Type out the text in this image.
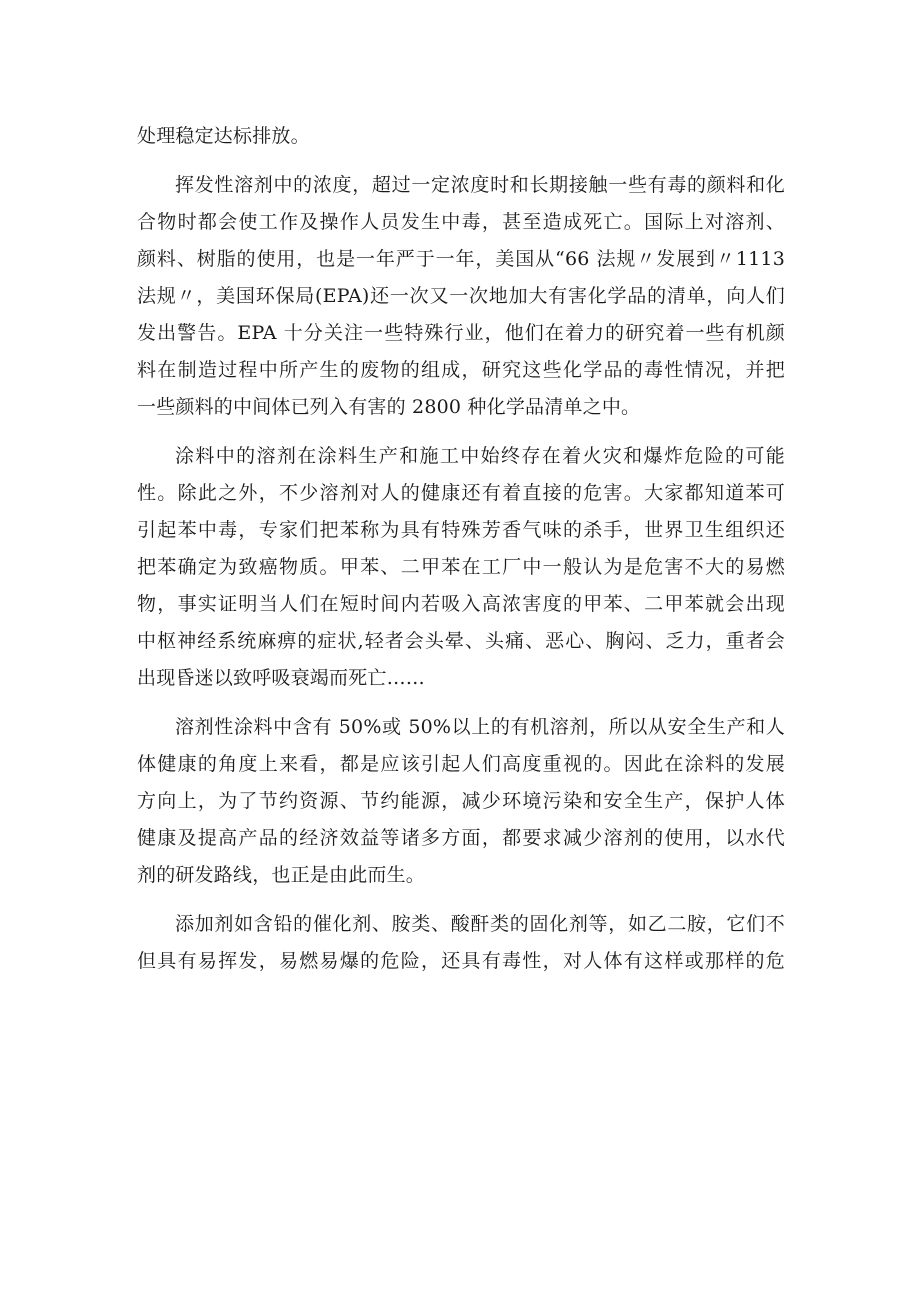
处理稳定达标排放。
挥发性溶剂中的浓度，超过一定浓度时和长期接触一些有毒的颜料和化
合物时都会使工作及操作人员发生中毒，甚至造成死亡。国际上对溶剂、
颜料、树脂的使用，也是一年严于一年，美国从“66 法规〃发展到〃1113
法规〃，美国环保局(EPA)还一次又一次地加大有害化学品的清单，向人们
发出警告。EPA 十分关注一些特殊行业，他们在着力的研究着一些有机颜
料在制造过程中所产生的废物的组成，研究这些化学品的毒性情况，并把
一些颜料的中间体已列入有害的 2800 种化学品清单之中。
涂料中的溶剂在涂料生产和施工中始终存在着火灾和爆炸危险的可能
性。除此之外，不少溶剂对人的健康还有着直接的危害。大家都知道苯可
引起苯中毒，专家们把苯称为具有特殊芳香气味的杀手，世界卫生组织还
把苯确定为致癌物质。甲苯、二甲苯在工厂中一般认为是危害不大的易燃
物，事实证明当人们在短时间内若吸入高浓害度的甲苯、二甲苯就会出现
中枢神经系统麻痹的症状,轻者会头晕、头痛、恶心、胸闷、乏力，重者会
出现昏迷以致呼吸衰竭而死亡……
溶剂性涂料中含有 50%或 50%以上的有机溶剂，所以从安全生产和人
体健康的角度上来看，都是应该引起人们高度重视的。因此在涂料的发展
方向上，为了节约资源、节约能源，减少环境污染和安全生产，保护人体
健康及提高产品的经济效益等诸多方面，都要求减少溶剂的使用，以水代
剂的研发路线，也正是由此而生。
添加剂如含铅的催化剂、胺类、酸酐类的固化剂等，如乙二胺，它们不
但具有易挥发，易燃易爆的危险，还具有毒性，对人体有这样或那样的危
